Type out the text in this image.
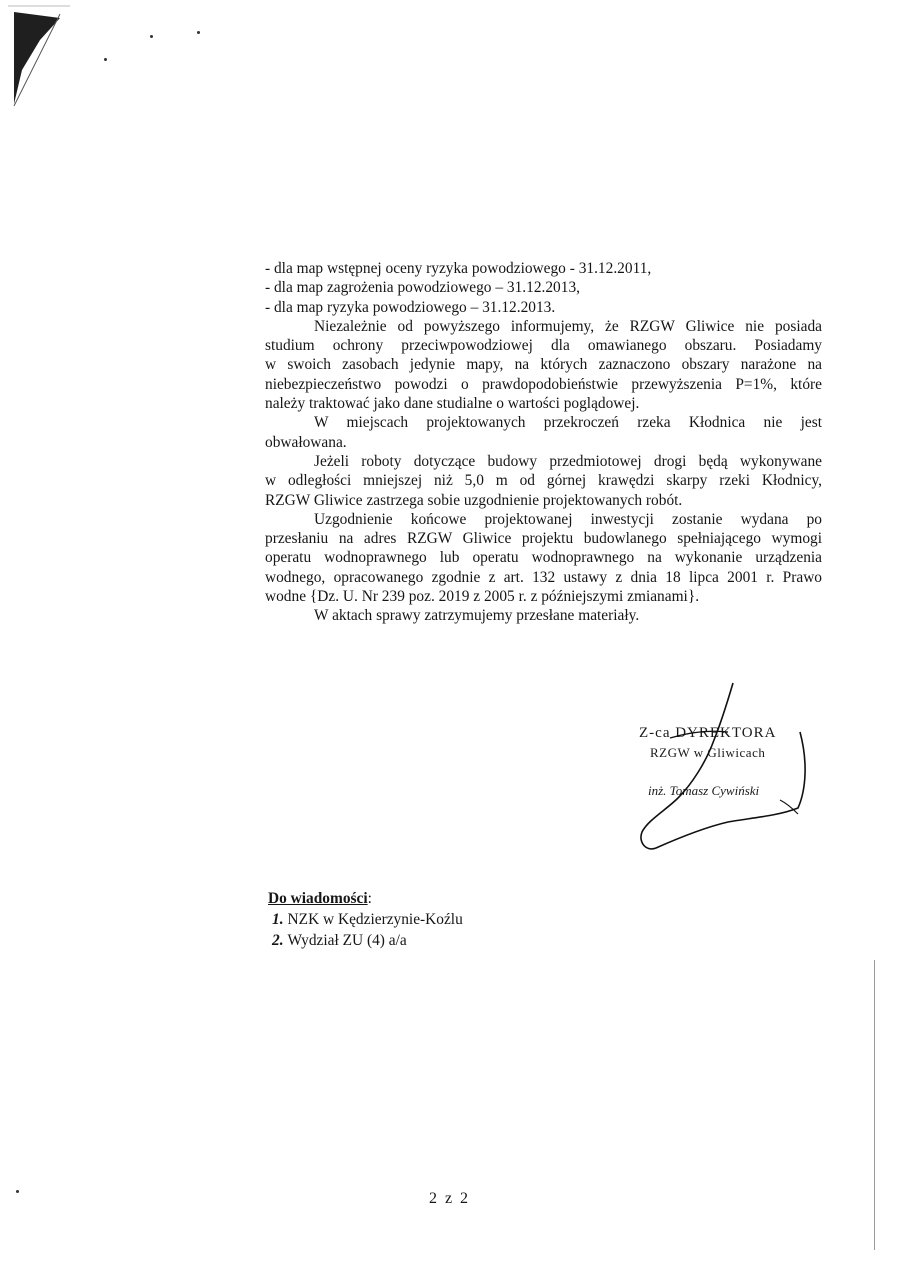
- dla map wstępnej oceny ryzyka powodziowego - 31.12.2011,
- dla map zagrożenia powodziowego – 31.12.2013,
- dla map ryzyka powodziowego – 31.12.2013.
Niezależnie od powyższego informujemy, że RZGW Gliwice nie posiada
studium ochrony przeciwpowodziowej dla omawianego obszaru. Posiadamy
w swoich zasobach jedynie mapy, na których zaznaczono obszary narażone na
niebezpieczeństwo powodzi o prawdopodobieństwie przewyższenia P=1%, które
należy traktować jako dane studialne o wartości poglądowej.
W miejscach projektowanych przekroczeń rzeka Kłodnica nie jest
obwałowana.
Jeżeli roboty dotyczące budowy przedmiotowej drogi będą wykonywane
w odległości mniejszej niż 5,0 m od górnej krawędzi skarpy rzeki Kłodnicy,
RZGW Gliwice zastrzega sobie uzgodnienie projektowanych robót.
Uzgodnienie końcowe projektowanej inwestycji zostanie wydana po
przesłaniu na adres RZGW Gliwice projektu budowlanego spełniającego wymogi
operatu wodnoprawnego lub operatu wodnoprawnego na wykonanie urządzenia
wodnego, opracowanego zgodnie z art. 132 ustawy z dnia 18 lipca 2001 r. Prawo
wodne {Dz. U. Nr 239 poz. 2019 z 2005 r. z późniejszymi zmianami}.
W aktach sprawy zatrzymujemy przesłane materiały.
Z-ca DYREKTORA
RZGW w Gliwicach
inż. Tomasz Cywiński
Do wiadomości:
1. NZK w Kędzierzynie-Koźlu
2. Wydział ZU (4) a/a
2 z 2
